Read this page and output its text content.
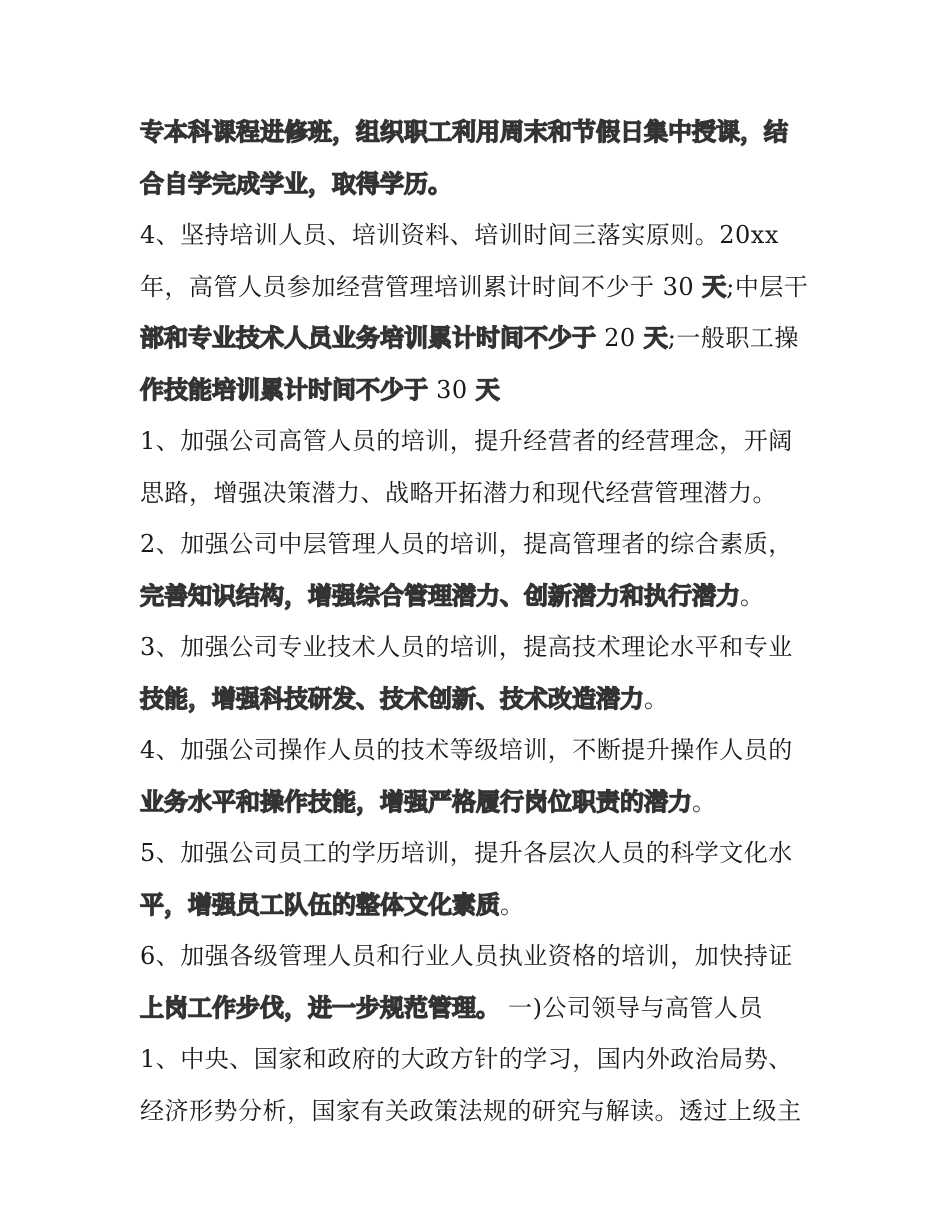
专本科课程进修班，组织职工利用周末和节假日集中授课，结
合自学完成学业，取得学历。
4、坚持培训人员、培训资料、培训时间三落实原则。20xx
年，高管人员参加经营管理培训累计时间不少于 30 天;中层干
部和专业技术人员业务培训累计时间不少于 20 天;一般职工操
作技能培训累计时间不少于 30 天
1、加强公司高管人员的培训，提升经营者的经营理念，开阔
思路，增强决策潜力、战略开拓潜力和现代经营管理潜力。
2、加强公司中层管理人员的培训，提高管理者的综合素质，
完善知识结构，增强综合管理潜力、创新潜力和执行潜力。
3、加强公司专业技术人员的培训，提高技术理论水平和专业
技能，增强科技研发、技术创新、技术改造潜力。
4、加强公司操作人员的技术等级培训，不断提升操作人员的
业务水平和操作技能，增强严格履行岗位职责的潜力。
5、加强公司员工的学历培训，提升各层次人员的科学文化水
平，增强员工队伍的整体文化素质。
6、加强各级管理人员和行业人员执业资格的培训，加快持证
上岗工作步伐，进一步规范管理。 一)公司领导与高管人员
1、中央、国家和政府的大政方针的学习，国内外政治局势、
经济形势分析，国家有关政策法规的研究与解读。透过上级主
